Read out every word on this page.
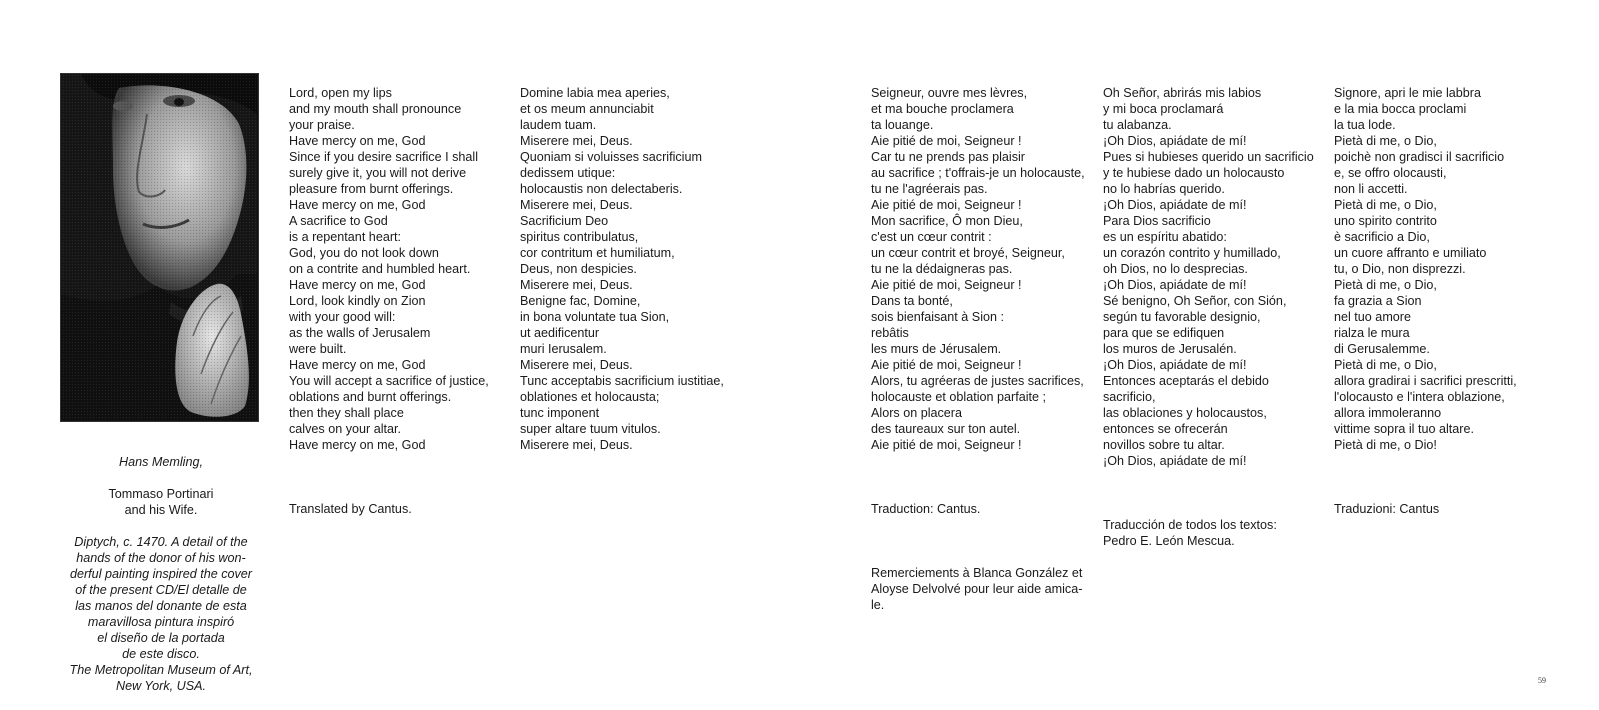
Hans Memling,

Tommaso Portinari
and his Wife.

Diptych, c. 1470. A detail of the
hands of the donor of his won-
derful painting inspired the cover
of the present CD/El detalle de
las manos del donante de esta
maravillosa pintura inspiró
el diseño de la portada
de este disco.
The Metropolitan Museum of Art,
New York, USA.

Lord, open my lips
and my mouth shall pronounce
your praise.
Have mercy on me, God
Since if you desire sacrifice I shall
surely give it, you will not derive
pleasure from burnt offerings.
Have mercy on me, God
A sacrifice to God
is a repentant heart:
God, you do not look down
on a contrite and humbled heart.
Have mercy on me, God
Lord, look kindly on Zion
with your good will:
as the walls of Jerusalem
were built.
Have mercy on me, God
You will accept a sacrifice of justice,
oblations and burnt offerings.
then they shall place
calves on your altar.
Have mercy on me, God

Translated by Cantus.

Domine labia mea aperies,
et os meum annunciabit
laudem tuam.
Miserere mei, Deus.
Quoniam si voluisses sacrificium
dedissem utique:
holocaustis non delectaberis.
Miserere mei, Deus.
Sacrificium Deo
spiritus contribulatus,
cor contritum et humiliatum,
Deus, non despicies.
Miserere mei, Deus.
Benigne fac, Domine,
in bona voluntate tua Sion,
ut aedificentur
muri Ierusalem.
Miserere mei, Deus.
Tunc acceptabis sacrificium iustitiae,
oblationes et holocausta;
tunc imponent
super altare tuum vitulos.
Miserere mei, Deus.

Seigneur, ouvre mes lèvres,
et ma bouche proclamera
ta louange.
Aie pitié de moi, Seigneur !
Car tu ne prends pas plaisir
au sacrifice ; t'offrais-je un holocauste,
tu ne l'agréerais pas.
Aie pitié de moi, Seigneur !
Mon sacrifice, Ô mon Dieu,
c'est un cœur contrit :
un cœur contrit et broyé, Seigneur,
tu ne la dédaigneras pas.
Aie pitié de moi, Seigneur !
Dans ta bonté,
sois bienfaisant à Sion :
rebâtis
les murs de Jérusalem.
Aie pitié de moi, Seigneur !
Alors, tu agréeras de justes sacrifices,
holocauste et oblation parfaite ;
Alors on placera
des taureaux sur ton autel.
Aie pitié de moi, Seigneur !

Traduction: Cantus.

Remerciements à Blanca González et
Aloyse Delvolvé pour leur aide amica-
le.

Oh Señor, abrirás mis labios
y mi boca proclamará
tu alabanza.
¡Oh Dios, apiádate de mí!
Pues si hubieses querido un sacrificio
y te hubiese dado un holocausto
no lo habrías querido.
¡Oh Dios, apiádate de mí!
Para Dios sacrificio
es un espíritu abatido:
un corazón contrito y humillado,
oh Dios, no lo desprecias.
¡Oh Dios, apiádate de mí!
Sé benigno, Oh Señor, con Sión,
según tu favorable designio,
para que se edifiquen
los muros de Jerusalén.
¡Oh Dios, apiádate de mí!
Entonces aceptarás el debido sacrificio,
las oblaciones y holocaustos,
entonces se ofrecerán
novillos sobre tu altar.
¡Oh Dios, apiádate de mí!

Traducción de todos los textos:
Pedro E. León Mescua.

Signore, apri le mie labbra
e la mia bocca proclami
la tua lode.
Pietà di me, o Dio,
poichè non gradisci il sacrificio
e, se offro olocausti,
non li accetti.
Pietà di me, o Dio,
uno spirito contrito
è sacrificio a Dio,
un cuore affranto e umiliato
tu, o Dio, non disprezzi.
Pietà di me, o Dio,
fa grazia a Sion
nel tuo amore
rialza le mura
di Gerusalemme.
Pietà di me, o Dio,
allora gradirai i sacrifici prescritti,
l'olocausto e l'intera oblazione,
allora immoleranno
vittime sopra il tuo altare.
Pietà di me, o Dio!

Traduzioni: Cantus

59
